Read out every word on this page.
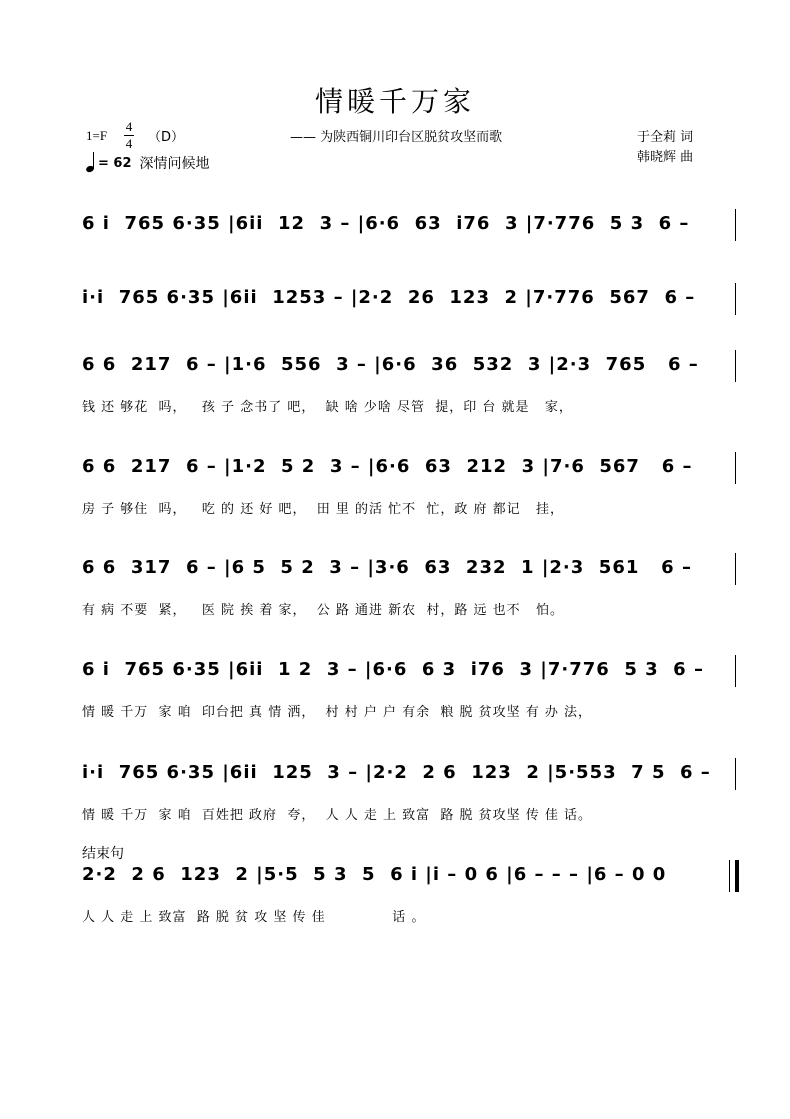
情暖千万家
1=F
4
4 （D）	—— 为陕西铜川印台区脱贫攻坚而歌	于全莉 词
韩晓辉 曲
= 62 深情问候地
结束句
6 i  765 6·35 |6ii  12  3 – |6·6  63  i76  3 |7·776  5 3  6 –
i·i  765 6·35 |6ii  1253 – |2·2  26  123  2 |7·776  567  6 –
6 6  217  6 – |1·6  556  3 – |6·6  36  532  3 |2·3  765   6 –
钱 还 够花  吗，   孩 子 念书了 吧，  缺 啥 少啥 尽管  提，印 台 就是   家，
6 6  217  6 – |1·2  5 2  3 – |6·6  63  212  3 |7·6  567   6 –
房 子 够住  吗，   吃 的 还 好 吧，  田 里 的活 忙不  忙，政 府 都记   挂，
6 6  317  6 – |6 5  5 2  3 – |3·6  63  232  1 |2·3  561   6 –
有 病 不要  紧，   医 院 挨 着 家，  公 路 通进 新农  村，路 远 也不   怕。
6 i  765 6·35 |6ii  1 2  3 – |6·6  6 3  i76  3 |7·776  5 3  6 –
情 暖 千万  家 咱  印台把 真 情 洒，  村 村 户 户 有余  粮 脱 贫攻坚 有 办 法，
i·i  765 6·35 |6ii  125  3 – |2·2  2 6  123  2 |5·553  7 5  6 –
情 暖 千万  家 咱  百姓把 政府  夸，  人 人 走 上 致富  路 脱 贫攻坚 传 佳 话。
2·2  2 6  123  2 |5·5  5 3  5  6 i |i – 0 6 |6 – – – |6 – 0 0
人 人 走 上 致富  路 脱 贫 攻 坚 传 佳             话 。
